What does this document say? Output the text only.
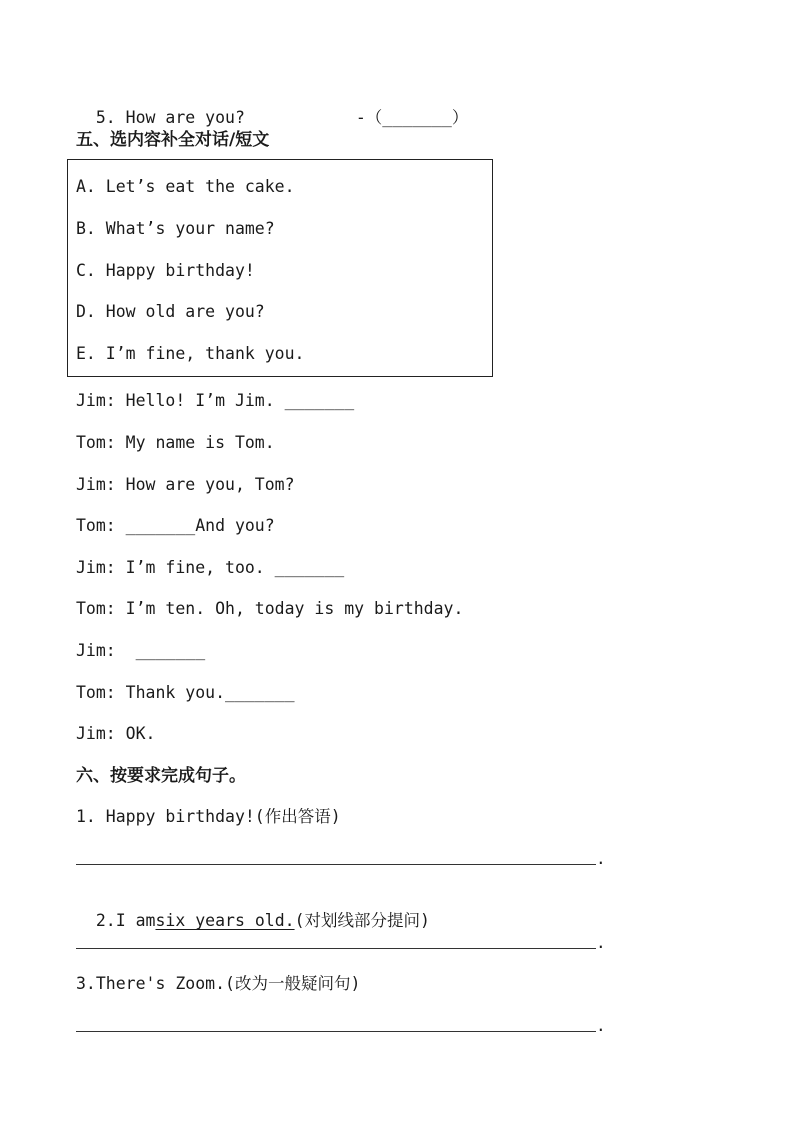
5. How are you?	-（_______）

五、选内容补全对话/短文
A. Let’s eat the cake.
B. What’s your name?
C. Happy birthday!
D. How old are you?
E. I’m fine, thank you.
Jim: Hello! I’m Jim. _______
Tom: My name is Tom.
Jim: How are you, Tom?
Tom: _______And you?
Jim: I’m fine, too. _______
Tom: I’m ten. Oh, today is my birthday.
Jim:  _______
Tom: Thank you._______
Jim: OK.
六、按要求完成句子。
1. Happy birthday!(作出答语)
.

2.I amsix years old.(对划线部分提问)

.
3.There's Zoom.(改为一般疑问句)
.
